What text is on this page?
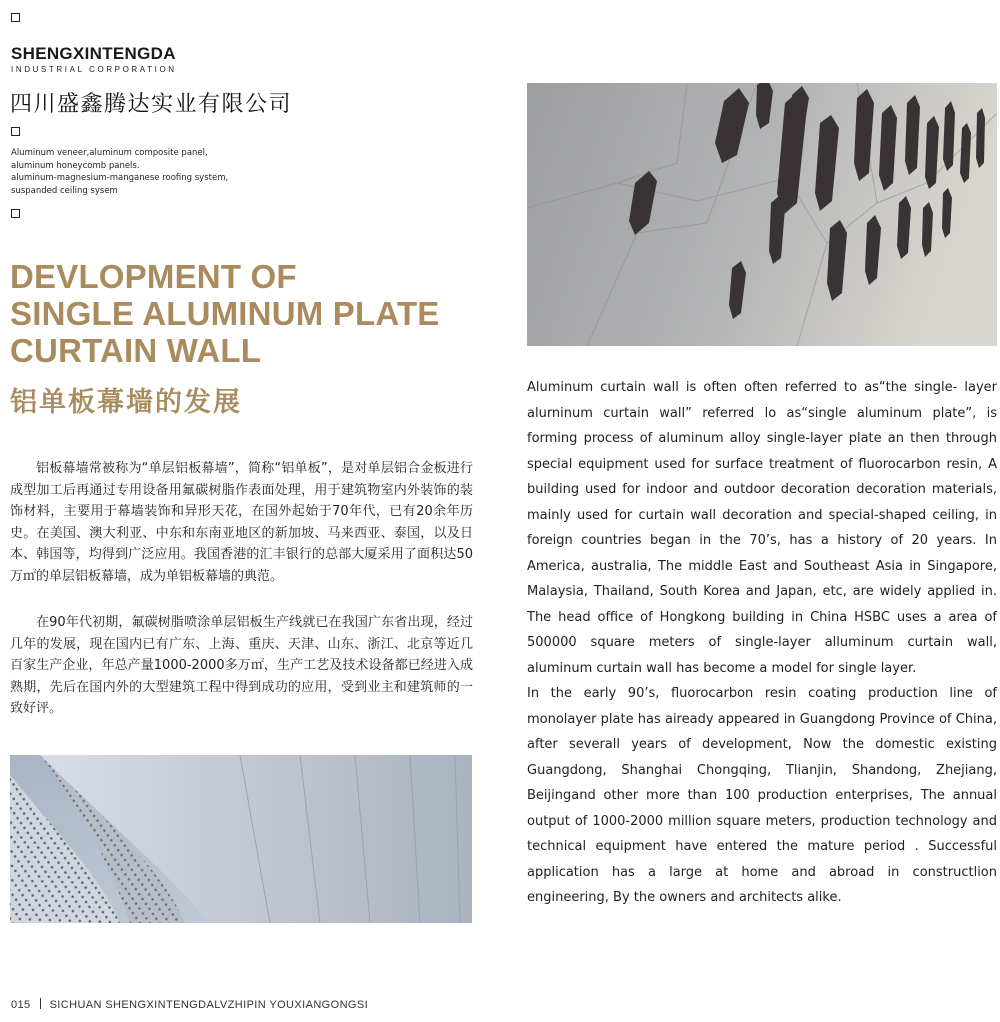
SHENGXINTENGDA
INDUSTRIAL CORPORATION
四川盛鑫腾达实业有限公司
Aluminum veneer,aluminum composite panel,
aluminum honeycomb panels.
aluminum-magnesium-manganese roofing system,
suspanded ceiling sysem
DEVLOPMENT OF
SINGLE ALUMINUM PLATE
CURTAIN WALL
铝单板幕墙的发展
铝板幕墙常被称为“单层铝板幕墙”，简称“铝单板”，是对单层铝合金板进行成型加工后再通过专用设备用氟碳树脂作表面处理，用于建筑物室内外装饰的装饰材料，主要用于幕墙装饰和异形天花，在国外起始于70年代，已有20余年历史。在美国、澳大利亚、中东和东南亚地区的新加坡、马来西亚、泰国，以及日本、韩国等，均得到广泛应用。我国香港的汇丰银行的总部大厦采用了面积达50万㎡的单层铝板幕墙，成为单铝板幕墙的典范。
在90年代初期，氟碳树脂喷涂单层铝板生产线就已在我国广东省出现，经过几年的发展，现在国内已有广东、上海、重庆、天津、山东、浙江、北京等近几百家生产企业，年总产量1000-2000多万㎡，生产工艺及技术设备都已经进入成熟期，先后在国内外的大型建筑工程中得到成功的应用，受到业主和建筑师的一致好评。

Aluminum curtain wall is often often referred to as“the single- layer alurninum curtain wall” referred lo as“single aluminum plate”, is forming process of aluminum alloy single-layer plate an then through special equipment used for surface treatment of fluorocarbon resin, A building used for indoor and outdoor decoration decoration materials, mainly used for curtain wall decoration and special-shaped ceiling, in foreign countries began in the 70’s, has a history of 20 years. In America, australia, The middle East and Southeast Asia in Singapore, Malaysia, Thailand, South Korea and Japan, etc, are widely applied in. The head office of Hongkong building in China HSBC uses a area of 500000 square meters of single-layer alluminum curtain wall, aluminum curtain wall has become a model for single layer.

In the early 90’s, fluorocarbon resin coating production line of monolayer plate has aiready appeared in Guangdong Province of China, after severall years of development, Now the domestic existing Guangdong, Shanghai Chongqing, Tlianjin, Shandong, Zhejiang, Beijingand other more than 100 production enterprises, The annual output of 1000-2000 million square meters, production technology and technical equipment have entered the mature period . Successful application has a large at home and abroad in constructlion engineering, By the owners and architects alike.

015 SICHUAN SHENGXINTENGDALVZHIPIN YOUXIANGONGSI
